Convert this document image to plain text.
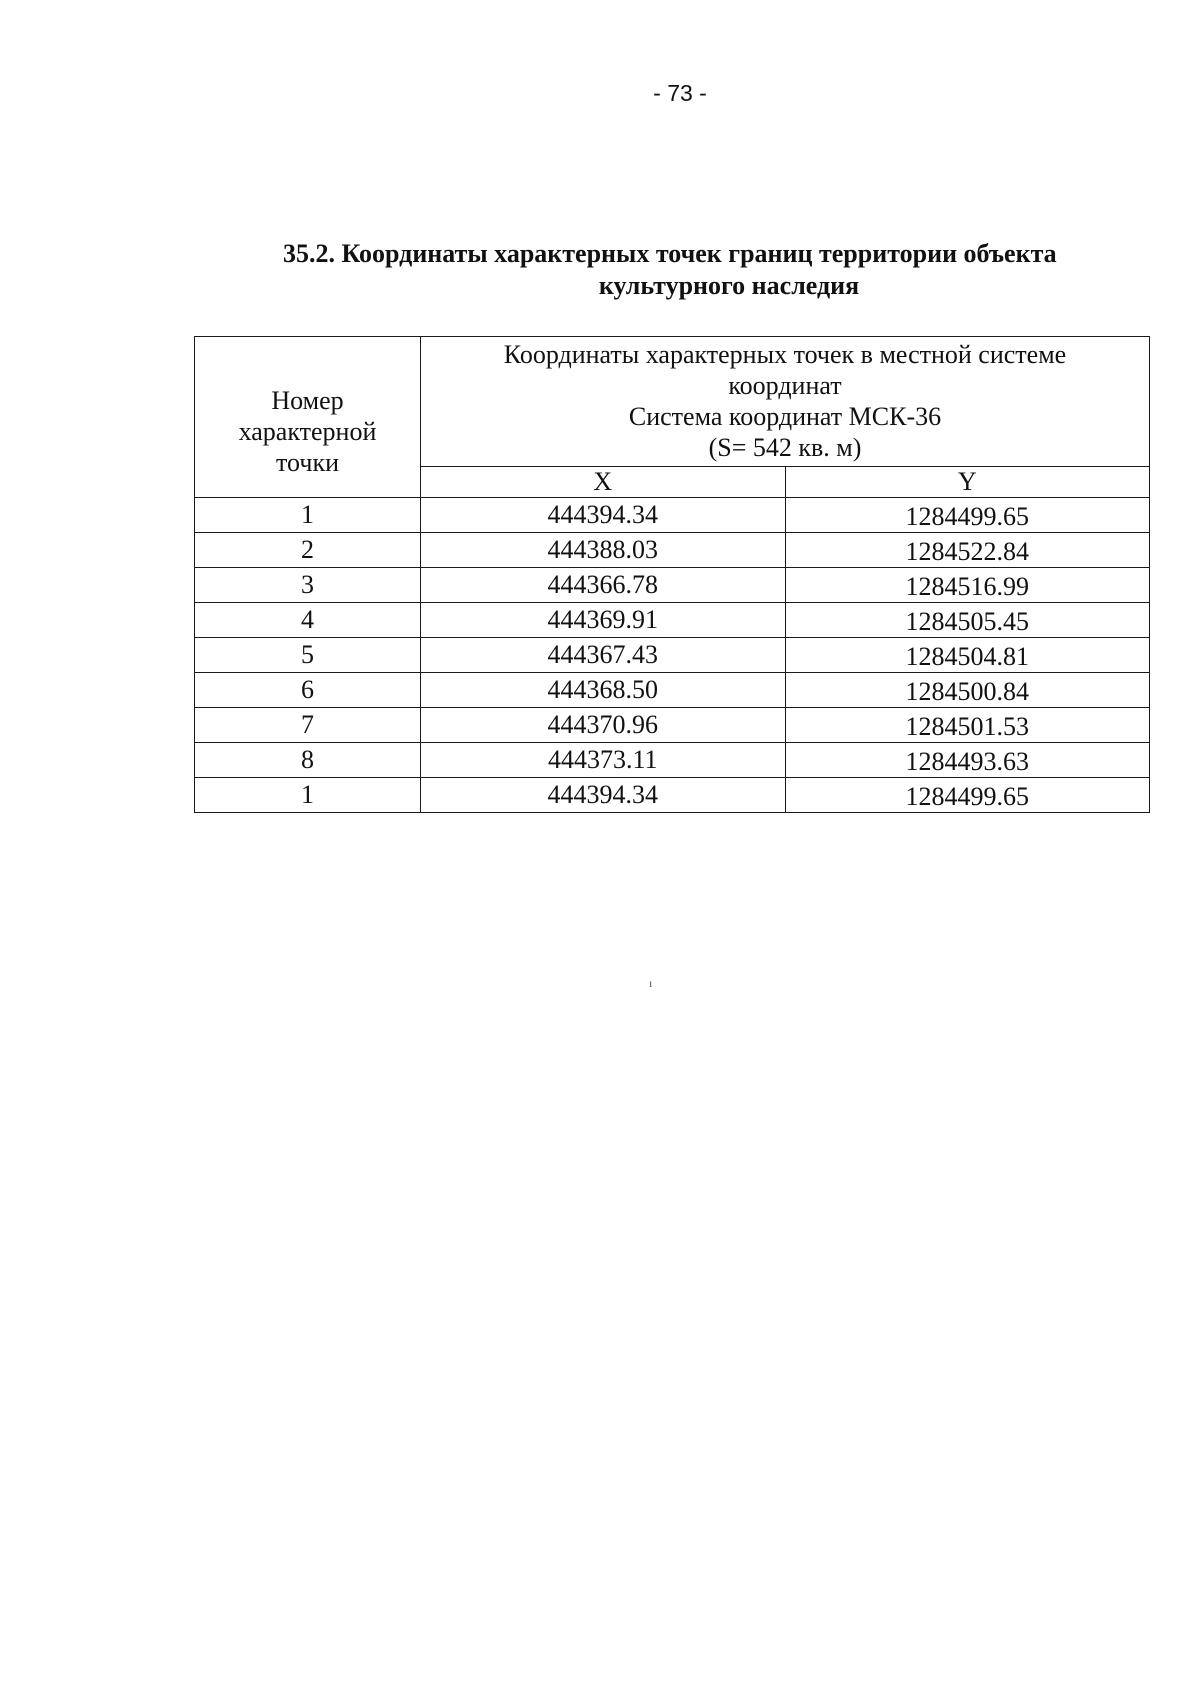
- 73 -
35.2. Координаты характерных точек границ территории объекта
культурного наследия
Номер
характерной
точки	Координаты характерных точек в местной системе
координат
Система координат МСК-36
(S= 542 кв. м)	
	X	Y
1	444394.34	1284499.65
2	444388.03	1284522.84
3	444366.78	1284516.99
4	444369.91	1284505.45
5	444367.43	1284504.81
6	444368.50	1284500.84
7	444370.96	1284501.53
8	444373.11	1284493.63
1	444394.34	1284499.65
ı
